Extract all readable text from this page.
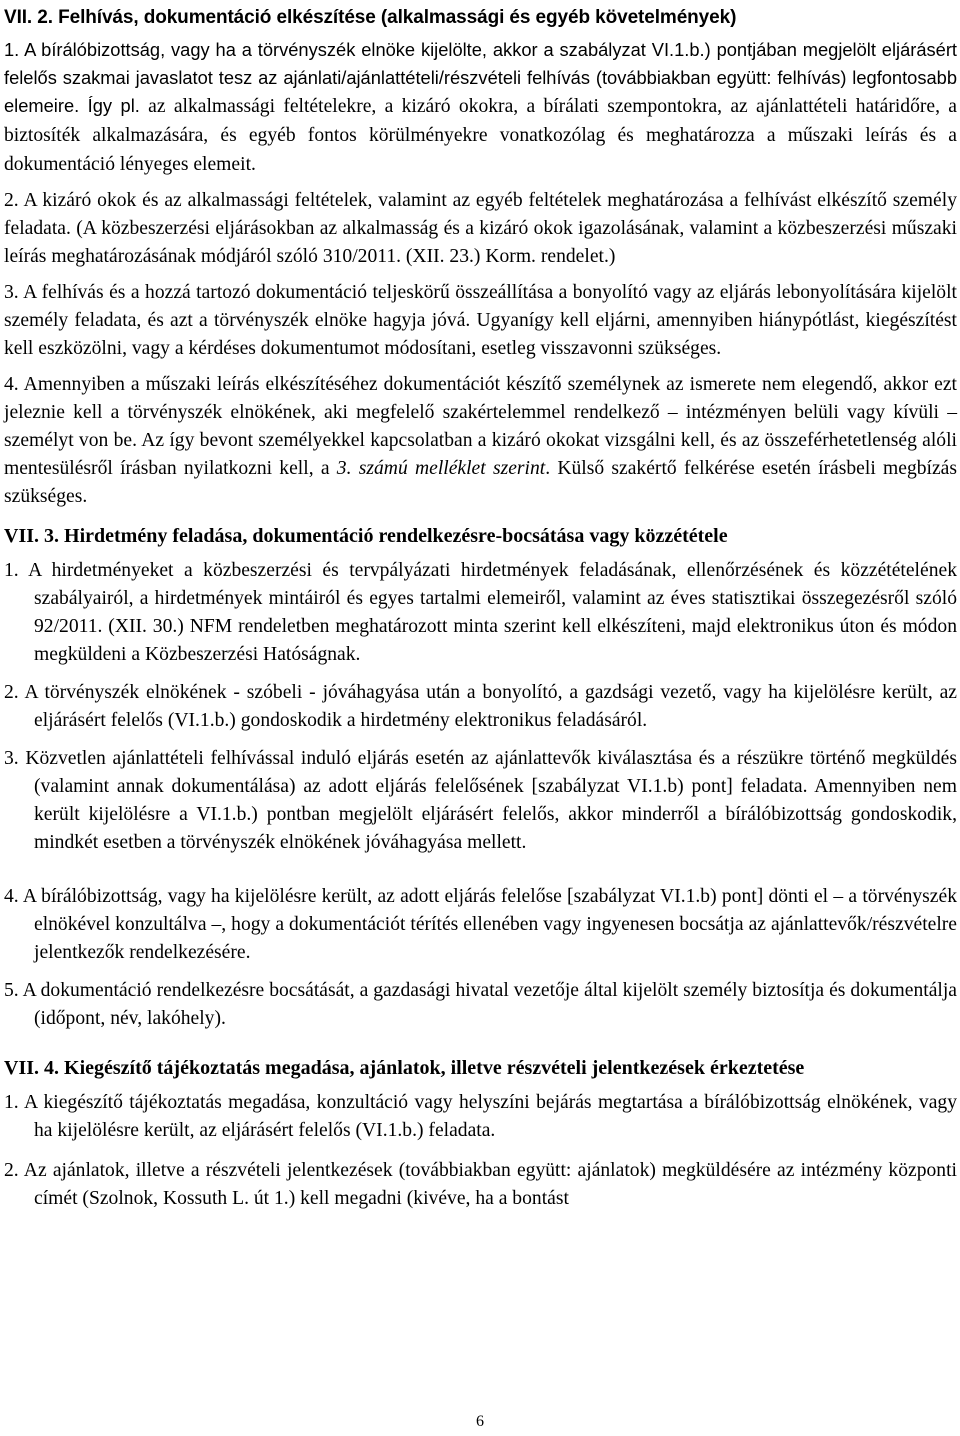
VII. 2. Felhívás, dokumentáció elkészítése (alkalmassági és egyéb követelmények)

1. A bírálóbizottság, vagy ha a törvényszék elnöke kijelölte, akkor a szabályzat VI.1.b.) pontjában megjelölt eljárásért felelős szakmai javaslatot tesz az ajánlati/ajánlattételi/részvételi felhívás (továbbiakban együtt: felhívás) legfontosabb elemeire. Így pl. az alkalmassági feltételekre, a kizáró okokra, a bírálati szempontokra, az ajánlattételi határidőre, a biztosíték alkalmazására, és egyéb fontos körülményekre vonatkozólag és meghatározza a műszaki leírás és a dokumentáció lényeges elemeit.

2. A kizáró okok és az alkalmassági feltételek, valamint az egyéb feltételek meghatározása a felhívást elkészítő személy feladata. (A közbeszerzési eljárásokban az alkalmasság és a kizáró okok igazolásának, valamint a közbeszerzési műszaki leírás meghatározásának módjáról szóló 310/2011. (XII. 23.) Korm. rendelet.)

3. A felhívás és a hozzá tartozó dokumentáció teljeskörű összeállítása a bonyolító vagy az eljárás lebonyolítására kijelölt személy feladata, és azt a törvényszék elnöke hagyja jóvá. Ugyanígy kell eljárni, amennyiben hiánypótlást, kiegészítést kell eszközölni, vagy a kérdéses dokumentumot módosítani, esetleg visszavonni szükséges.

4. Amennyiben a műszaki leírás elkészítéséhez dokumentációt készítő személynek az ismerete nem elegendő, akkor ezt jeleznie kell a törvényszék elnökének, aki megfelelő szakértelemmel rendelkező – intézményen belüli vagy kívüli – személyt von be. Az így bevont személyekkel kapcsolatban a kizáró okokat vizsgálni kell, és az összeférhetetlenség alóli mentesülésről írásban nyilatkozni kell, a 3. számú melléklet szerint. Külső szakértő felkérése esetén írásbeli megbízás szükséges.

VII. 3. Hirdetmény feladása, dokumentáció rendelkezésre-bocsátása vagy közzététele

1. A hirdetményeket a közbeszerzési és tervpályázati hirdetmények feladásának, ellenőrzésének és közzétételének szabályairól, a hirdetmények mintáiról és egyes tartalmi elemeiről, valamint az éves statisztikai összegezésről szóló 92/2011. (XII. 30.) NFM rendeletben meghatározott minta szerint kell elkészíteni, majd elektronikus úton és módon megküldeni a Közbeszerzési Hatóságnak.

2. A törvényszék elnökének - szóbeli - jóváhagyása után a bonyolító, a gazdsági vezető, vagy ha kijelölésre került, az eljárásért felelős (VI.1.b.) gondoskodik a hirdetmény elektronikus feladásáról.

3. Közvetlen ajánlattételi felhívással induló eljárás esetén az ajánlattevők kiválasztása és a részükre történő megküldés (valamint annak dokumentálása) az adott eljárás felelősének [szabályzat VI.1.b) pont] feladata. Amennyiben nem került kijelölésre a VI.1.b.) pontban megjelölt eljárásért felelős, akkor minderről a bírálóbizottság gondoskodik, mindkét esetben a törvényszék elnökének jóváhagyása mellett.

4. A bírálóbizottság, vagy ha kijelölésre került, az adott eljárás felelőse [szabályzat VI.1.b) pont] dönti el – a törvényszék elnökével konzultálva –, hogy a dokumentációt térítés ellenében vagy ingyenesen bocsátja az ajánlattevők/részvételre jelentkezők rendelkezésére.

5. A dokumentáció rendelkezésre bocsátását, a gazdasági hivatal vezetője által kijelölt személy biztosítja és dokumentálja (időpont, név, lakóhely).

VII. 4. Kiegészítő tájékoztatás megadása, ajánlatok, illetve részvételi jelentkezések érkeztetése

1. A kiegészítő tájékoztatás megadása, konzultáció vagy helyszíni bejárás megtartása a bírálóbizottság elnökének, vagy ha kijelölésre került, az eljárásért felelős (VI.1.b.) feladata.

2. Az ajánlatok, illetve a részvételi jelentkezések (továbbiakban együtt: ajánlatok) megküldésére az intézmény központi címét (Szolnok, Kossuth L. út 1.) kell megadni (kivéve, ha a bontást

6
